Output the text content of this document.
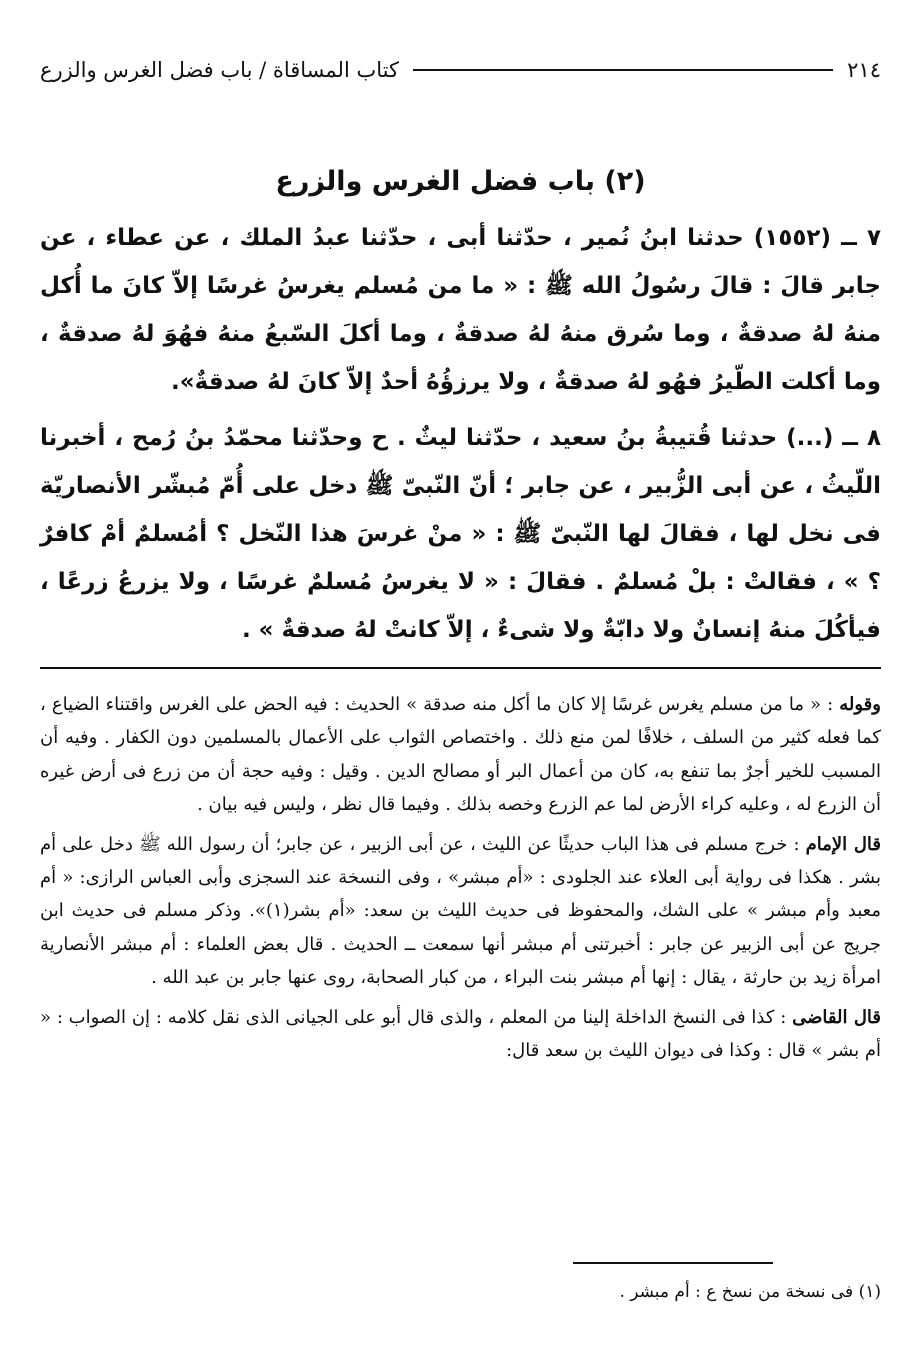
٢١٤
كتاب المساقاة / باب فضل الغرس والزرع
(٢) باب فضل الغرس والزرع

٧ ــ (١٥٥٢) حدثنا ابنُ نُمير ، حدّثنا أبى ، حدّثنا عبدُ الملك ، عن عطاء ، عن جابر قالَ : قالَ رسُولُ الله ﷺ : « ما من مُسلم يغرسُ غرسًا إلاّ كانَ ما أُكل منهُ لهُ صدقةٌ ، وما سُرق منهُ لهُ صدقةٌ ، وما أكلَ السّبعُ منهُ فهُوَ لهُ صدقةٌ ، وما أكلت الطّيرُ فهُو لهُ صدقةٌ ، ولا يرزؤُهُ أحدٌ إلاّ كانَ لهُ صدقةٌ».

٨ ــ (...) حدثنا قُتيبةُ بنُ سعيد ، حدّثنا ليثٌ . ح وحدّثنا محمّدُ بنُ رُمح ، أخبرنا اللّيثُ ، عن أبى الزُّبير ، عن جابر ؛ أنّ النّبىّ ﷺ دخل على أُمّ مُبشّر الأنصاريّة فى نخل لها ، فقالَ لها النّبىّ ﷺ : « منْ غرسَ هذا النّخل ؟ أمُسلمٌ أمْ كافرٌ ؟ » ، فقالتْ : بلْ مُسلمٌ . فقالَ : « لا يغرسُ مُسلمٌ غرسًا ، ولا يزرعُ زرعًا ، فيأكُلَ منهُ إنسانٌ ولا دابّةٌ ولا شىءٌ ، إلاّ كانتْ لهُ صدقةٌ » .

وقوله : « ما من مسلم يغرس غرسًا إلا كان ما أكل منه صدقة » الحديث : فيه الحض على الغرس واقتناء الضياع ، كما فعله كثير من السلف ، خلافًا لمن منع ذلك . واختصاص الثواب على الأعمال بالمسلمين دون الكفار . وفيه أن المسبب للخير أجرٌ بما تنفع به، كان من أعمال البر أو مصالح الدين . وقيل : وفيه حجة أن من زرع فى أرض غيره أن الزرع له ، وعليه كراء الأرض لما عم الزرع وخصه بذلك . وفيما قال نظر ، وليس فيه بيان .

قال الإمام : خرج مسلم فى هذا الباب حديثًا عن الليث ، عن أبى الزبير ، عن جابر؛ أن رسول الله ﷺ دخل على أم بشر . هكذا فى رواية أبى العلاء عند الجلودى : «أم مبشر» ، وفى النسخة عند السجزى وأبى العباس الرازى: « أم معبد وأم مبشر » على الشك، والمحفوظ فى حديث الليث بن سعد: «أم بشر(١)». وذكر مسلم فى حديث ابن جريج عن أبى الزبير عن جابر : أخبرتنى أم مبشر أنها سمعت ــ الحديث . قال بعض العلماء : أم مبشر الأنصارية امرأة زيد بن حارثة ، يقال : إنها أم مبشر بنت البراء ، من كبار الصحابة، روى عنها جابر بن عبد الله .

قال القاضى : كذا فى النسخ الداخلة إلينا من المعلم ، والذى قال أبو على الجيانى الذى نقل كلامه : إن الصواب : « أم بشر » قال : وكذا فى ديوان الليث بن سعد قال:

(١) فى نسخة من نسخ ع : أم مبشر .
